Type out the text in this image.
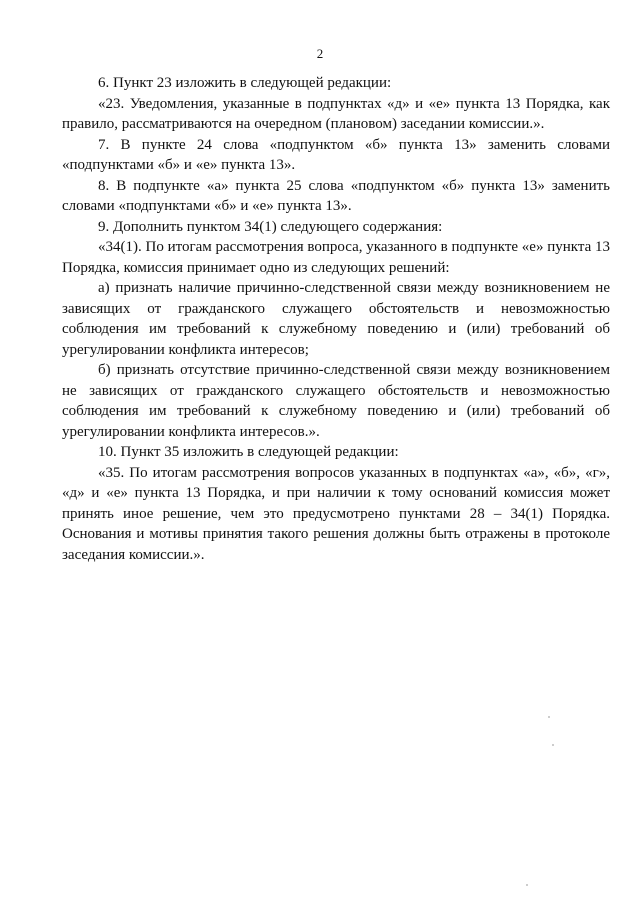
2

6. Пункт 23 изложить в следующей редакции:

«23. Уведомления, указанные в подпунктах «д» и «е» пункта 13 Порядка, как правило, рассматриваются на очередном (плановом) заседании комиссии.».

7. В пункте 24 слова «подпунктом «б» пункта 13» заменить словами «подпунктами «б» и «е» пункта 13».

8. В подпункте «а» пункта 25 слова «подпунктом «б» пункта 13» заменить словами «подпунктами «б» и «е» пункта 13».

9. Дополнить пунктом 34(1) следующего содержания:

«34(1). По итогам рассмотрения вопроса, указанного в подпункте «е» пункта 13 Порядка, комиссия принимает одно из следующих решений:

а) признать наличие причинно-следственной связи между возникновением не зависящих от гражданского служащего обстоятельств и невозможностью соблюдения им требований к служебному поведению и (или) требований об урегулировании конфликта интересов;

б) признать отсутствие причинно-следственной связи между возникновением не зависящих от гражданского служащего обстоятельств и невозможностью соблюдения им требований к служебному поведению и (или) требований об урегулировании конфликта интересов.».

10. Пункт 35 изложить в следующей редакции:

«35. По итогам рассмотрения вопросов указанных в подпунктах «а», «б», «г», «д» и «е» пункта 13 Порядка, и при наличии к тому оснований комиссия может принять иное решение, чем это предусмотрено пунктами 28 – 34(1) Порядка. Основания и мотивы принятия такого решения должны быть отражены в протоколе заседания комиссии.».
